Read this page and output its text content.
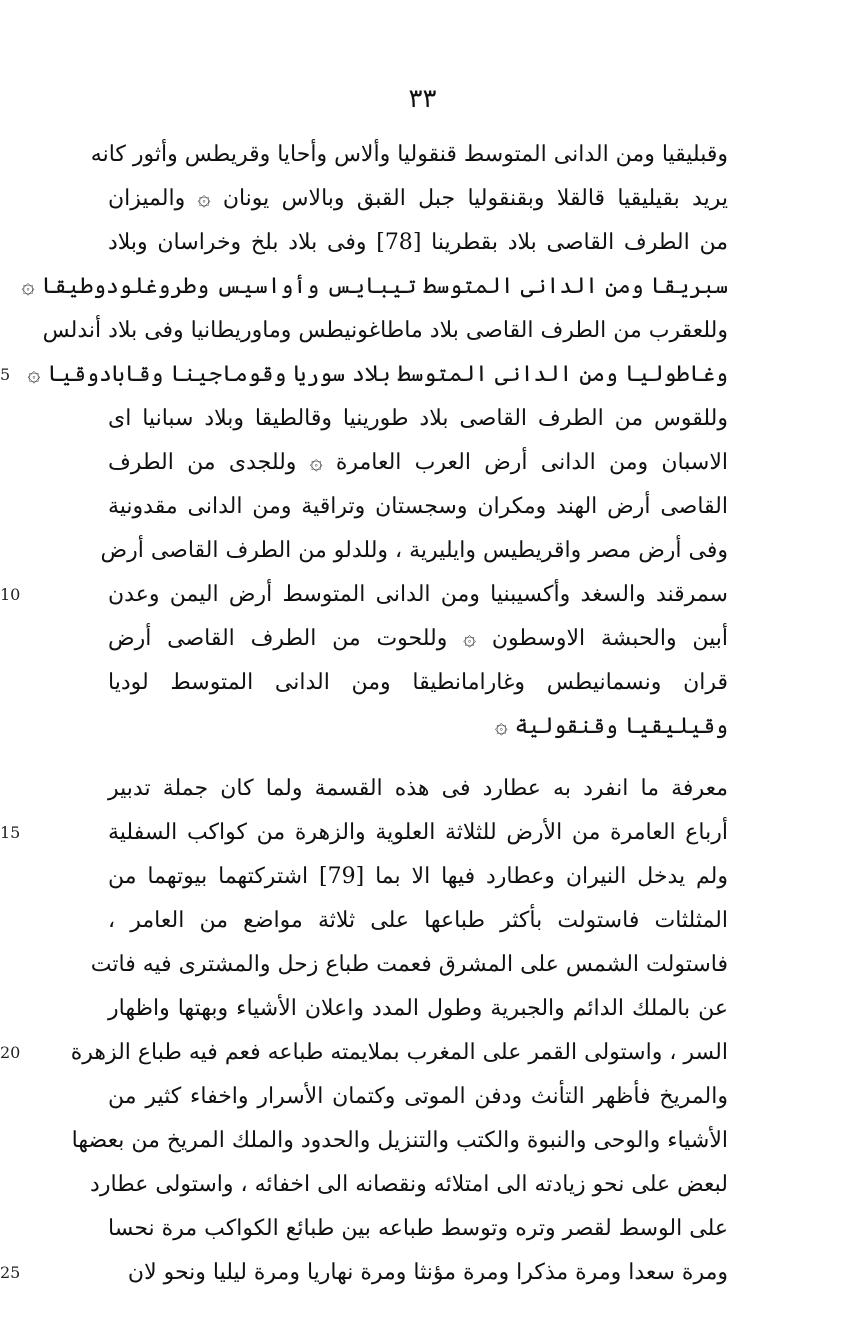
٣٣
وقبليقيا ومن الدانى المتوسط قنقوليا وألاس وأحايا وقريطس وأثور كانه
يريد بقيليقيا قالقلا وبقنقوليا جبل القبق وبالاس يونان ۞ والميزان
من الطرف القاصى بلاد بقطرينا [78] وفى بلاد بلخ وخراسان وبلاد
سبريقا ومن الدانى المتوسط تيبايس وأواسيس وطروغلودوطيقا ۞
وللعقرب من الطرف القاصى بلاد ماطاغونيطس وماوريطانيا وفى بلاد أندلس
5 وغاطوليا ومن الدانى المتوسط بلاد سوريا وقوماجينا وقابادوقيا ۞
وللقوس من الطرف القاصى بلاد طورينيا وقالطيقا وبلاد سبانيا اى
الاسبان ومن الدانى أرض العرب العامرة ۞ وللجدى من الطرف
القاصى أرض الهند ومكران وسجستان وتراقية ومن الدانى مقدونية
وفى أرض مصر واقريطيس وايليرية ، وللدلو من الطرف القاصى أرض
10	سمرقند والسغد وأكسيبنيا ومن الدانى المتوسط أرض اليمن وعدن
أبين والحبشة الاوسطون ۞ وللحوت من الطرف القاصى أرض
قران ونسمانيطس وغارامانطيقا ومن الدانى المتوسط لوديا
وقيليقيا وقنقولية ۞
معرفة ما انفرد به عطارد فى هذه القسمة ولما كان جملة تدبير
15	أرباع العامرة من الأرض للثلاثة العلوية والزهرة من كواكب السفلية
ولم يدخل النيران وعطارد فيها الا بما [79] اشتركتهما بيوتهما من
المثلثات فاستولت بأكثر طباعها على ثلاثة مواضع من العامر ،
فاستولت الشمس على المشرق فعمت طباع زحل والمشترى فيه فاتت
عن بالملك الدائم والجبرية وطول المدد واعلان الأشياء وبهتها واظهار
20	السر ، واستولى القمر على المغرب بملايمته طباعه فعم فيه طباع الزهرة
والمريخ فأظهر التأنث ودفن الموتى وكتمان الأسرار واخفاء كثير من
الأشياء والوحى والنبوة والكتب والتنزيل والحدود والملك المريخ من بعضها
لبعض على نحو زيادته الى امتلائه ونقصانه الى اخفائه ، واستولى عطارد
على الوسط لقصر وتره وتوسط طباعه بين طبائع الكواكب مرة نحسا
25	ومرة سعدا ومرة مذكرا ومرة مؤنثا ومرة نهاريا ومرة ليليا ونحو لان
